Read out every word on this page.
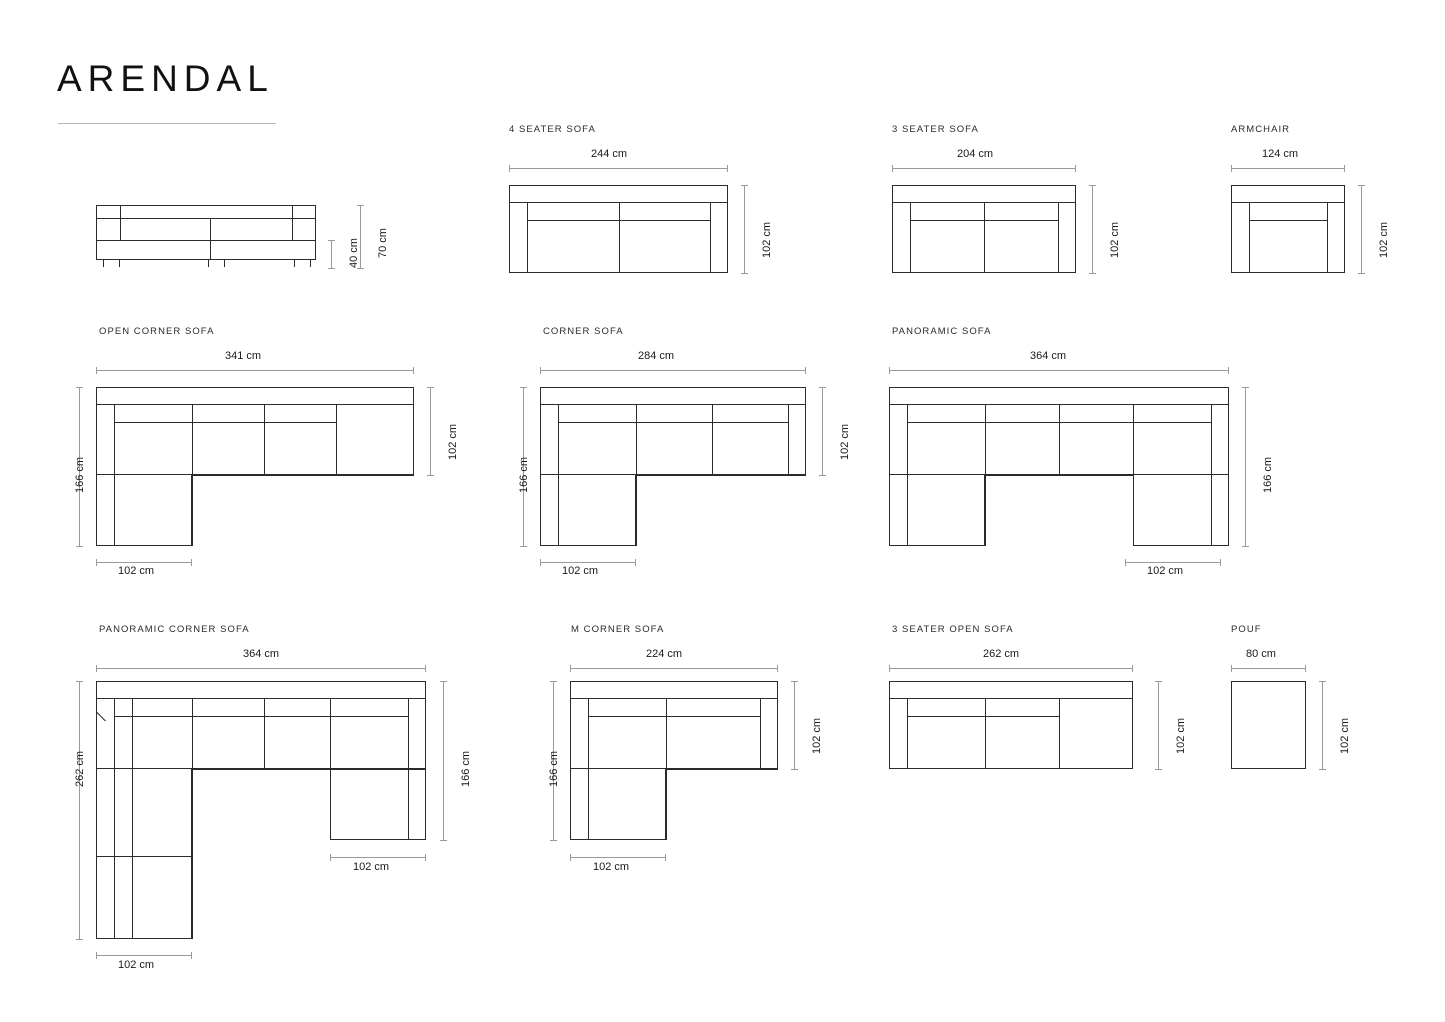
ARENDAL
40 cm 70 cm
4 SEATER SOFA
244 cm
102 cm
3 SEATER SOFA
204 cm
102 cm
ARMCHAIR
124 cm
102 cm
OPEN CORNER SOFA
341 cm
166 cm
102 cm
102 cm
CORNER SOFA
284 cm
166 cm
102 cm
102 cm
PANORAMIC SOFA
364 cm
166 cm
102 cm
PANORAMIC CORNER SOFA
364 cm
262 cm	166 cm
102 cm
102 cm
M CORNER SOFA
224 cm
166 cm
102 cm
102 cm
3 SEATER OPEN SOFA
262 cm
102 cm
POUF
80 cm
102 cm
